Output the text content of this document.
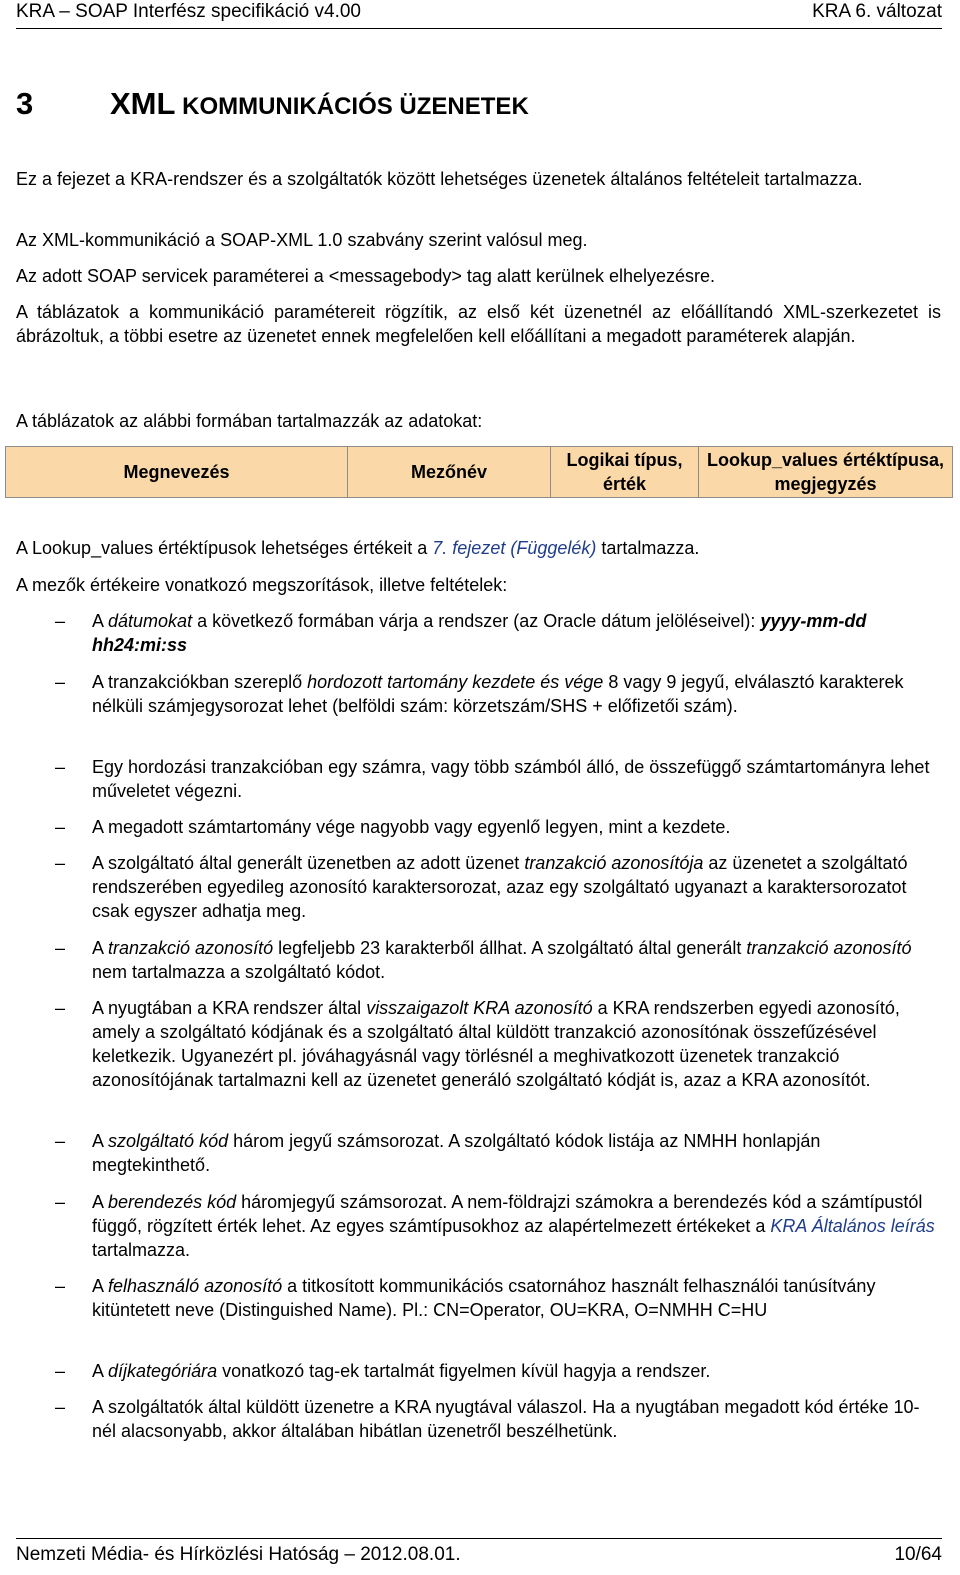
KRA – SOAP Interfész specifikáció v4.00	KRA 6. változat
3 XML KOMMUNIKÁCIÓS ÜZENETEK

Ez a fejezet a KRA-rendszer és a szolgáltatók között lehetséges üzenetek általános feltételeit tartalmazza.

Az XML-kommunikáció a SOAP-XML 1.0 szabvány szerint valósul meg.

Az adott SOAP servicek paraméterei a <messagebody> tag alatt kerülnek elhelyezésre.

A táblázatok a kommunikáció paramétereit rögzítik, az első két üzenetnél az előállítandó XML-szerkezetet is ábrázoltuk, a többi esetre az üzenetet ennek megfelelően kell előállítani a megadott paraméterek alapján.

A táblázatok az alábbi formában tartalmazzák az adatokat:

Megnevezés	Mezőnév	Logikai típus,
érték	Lookup_values értéktípusa,
megjegyzés

A Lookup_values értéktípusok lehetséges értékeit a 7. fejezet (Függelék) tartalmazza.

A mezők értékeire vonatkozó megszorítások, illetve feltételek:

– A dátumokat a következő formában várja a rendszer (az Oracle dátum jelöléseivel): yyyy-mm-dd hh24:mi:ss

– A tranzakciókban szereplő hordozott tartomány kezdete és vége 8 vagy 9 jegyű, elválasztó karakterek nélküli számjegysorozat lehet (belföldi szám: körzetszám/SHS + előfizetői szám).

– Egy hordozási tranzakcióban egy számra, vagy több számból álló, de összefüggő számtartományra lehet műveletet végezni.

– A megadott számtartomány vége nagyobb vagy egyenlő legyen, mint a kezdete.

– A szolgáltató által generált üzenetben az adott üzenet tranzakció azonosítója az üzenetet a szolgáltató rendszerében egyedileg azonosító karaktersorozat, azaz egy szolgáltató ugyanazt a karaktersorozatot csak egyszer adhatja meg.

– A tranzakció azonosító legfeljebb 23 karakterből állhat. A szolgáltató által generált tranzakció azonosító nem tartalmazza a szolgáltató kódot.

– A nyugtában a KRA rendszer által visszaigazolt KRA azonosító a KRA rendszerben egyedi azonosító, amely a szolgáltató kódjának és a szolgáltató által küldött tranzakció azonosítónak összefűzésével keletkezik. Ugyanezért pl. jóváhagyásnál vagy törlésnél a meghivatkozott üzenetek tranzakció azonosítójának tartalmazni kell az üzenetet generáló szolgáltató kódját is, azaz a KRA azonosítót.

– A szolgáltató kód három jegyű számsorozat. A szolgáltató kódok listája az NMHH honlapján megtekinthető.

– A berendezés kód háromjegyű számsorozat. A nem-földrajzi számokra a berendezés kód a számtípustól függő, rögzített érték lehet. Az egyes számtípusokhoz az alapértelmezett értékeket a KRA Általános leírás tartalmazza.

– A felhasználó azonosító a titkosított kommunikációs csatornához használt felhasználói tanúsítvány kitüntetett neve (Distinguished Name). Pl.: CN=Operator, OU=KRA, O=NMHH C=HU

– A díjkategóriára vonatkozó tag-ek tartalmát figyelmen kívül hagyja a rendszer.

– A szolgáltatók által küldött üzenetre a KRA nyugtával válaszol. Ha a nyugtában megadott kód értéke 10-nél alacsonyabb, akkor általában hibátlan üzenetről beszélhetünk.

Nemzeti Média- és Hírközlési Hatóság – 2012.08.01.	10/64
